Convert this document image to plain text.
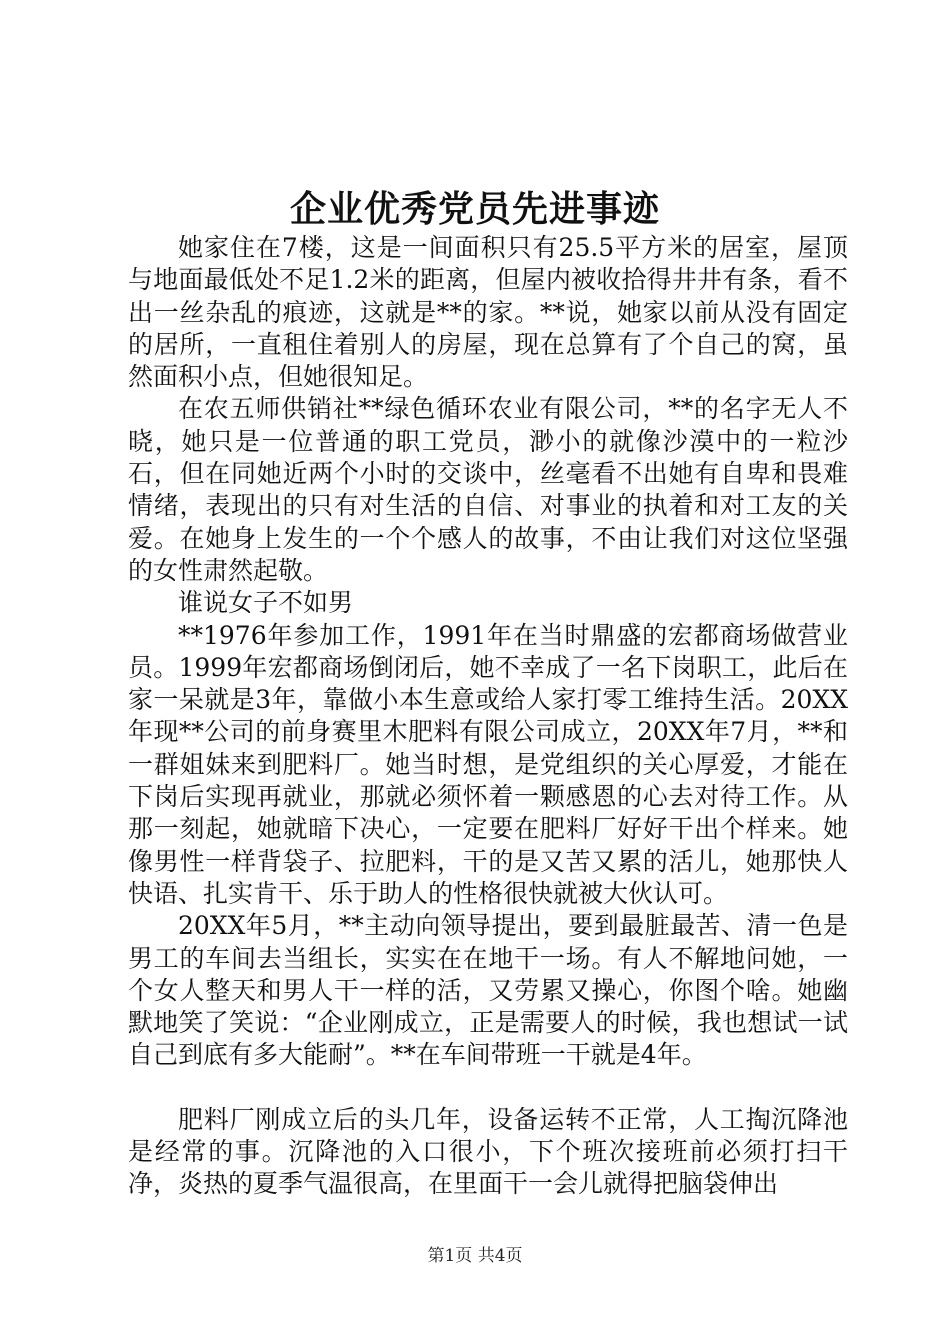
企业优秀党员先进事迹

她家住在7楼，这是一间面积只有25.5平方米的居室，屋顶与地面最低处不足1.2米的距离，但屋内被收拾得井井有条，看不出一丝杂乱的痕迹，这就是**的家。**说，她家以前从没有固定的居所，一直租住着别人的房屋，现在总算有了个自己的窝，虽然面积小点，但她很知足。

在农五师供销社**绿色循环农业有限公司，**的名字无人不晓，她只是一位普通的职工党员，渺小的就像沙漠中的一粒沙石，但在同她近两个小时的交谈中，丝毫看不出她有自卑和畏难情绪，表现出的只有对生活的自信、对事业的执着和对工友的关爱。在她身上发生的一个个感人的故事，不由让我们对这位坚强的女性肃然起敬。

谁说女子不如男

**1976年参加工作，1991年在当时鼎盛的宏都商场做营业员。1999年宏都商场倒闭后，她不幸成了一名下岗职工，此后在家一呆就是3年，靠做小本生意或给人家打零工维持生活。20XX年现**公司的前身赛里木肥料有限公司成立，20XX年7月，**和一群姐妹来到肥料厂。她当时想，是党组织的关心厚爱，才能在下岗后实现再就业，那就必须怀着一颗感恩的心去对待工作。从那一刻起，她就暗下决心，一定要在肥料厂好好干出个样来。她像男性一样背袋子、拉肥料，干的是又苦又累的活儿，她那快人快语、扎实肯干、乐于助人的性格很快就被大伙认可。

20XX年5月，**主动向领导提出，要到最脏最苦、清一色是男工的车间去当组长，实实在在地干一场。有人不解地问她，一个女人整天和男人干一样的活，又劳累又操心，你图个啥。她幽默地笑了笑说：“企业刚成立，正是需要人的时候，我也想试一试自己到底有多大能耐”。**在车间带班一干就是4年。

肥料厂刚成立后的头几年，设备运转不正常，人工掏沉降池是经常的事。沉降池的入口很小，下个班次接班前必须打扫干净，炎热的夏季气温很高，在里面干一会儿就得把脑袋伸出

第1页 共4页
